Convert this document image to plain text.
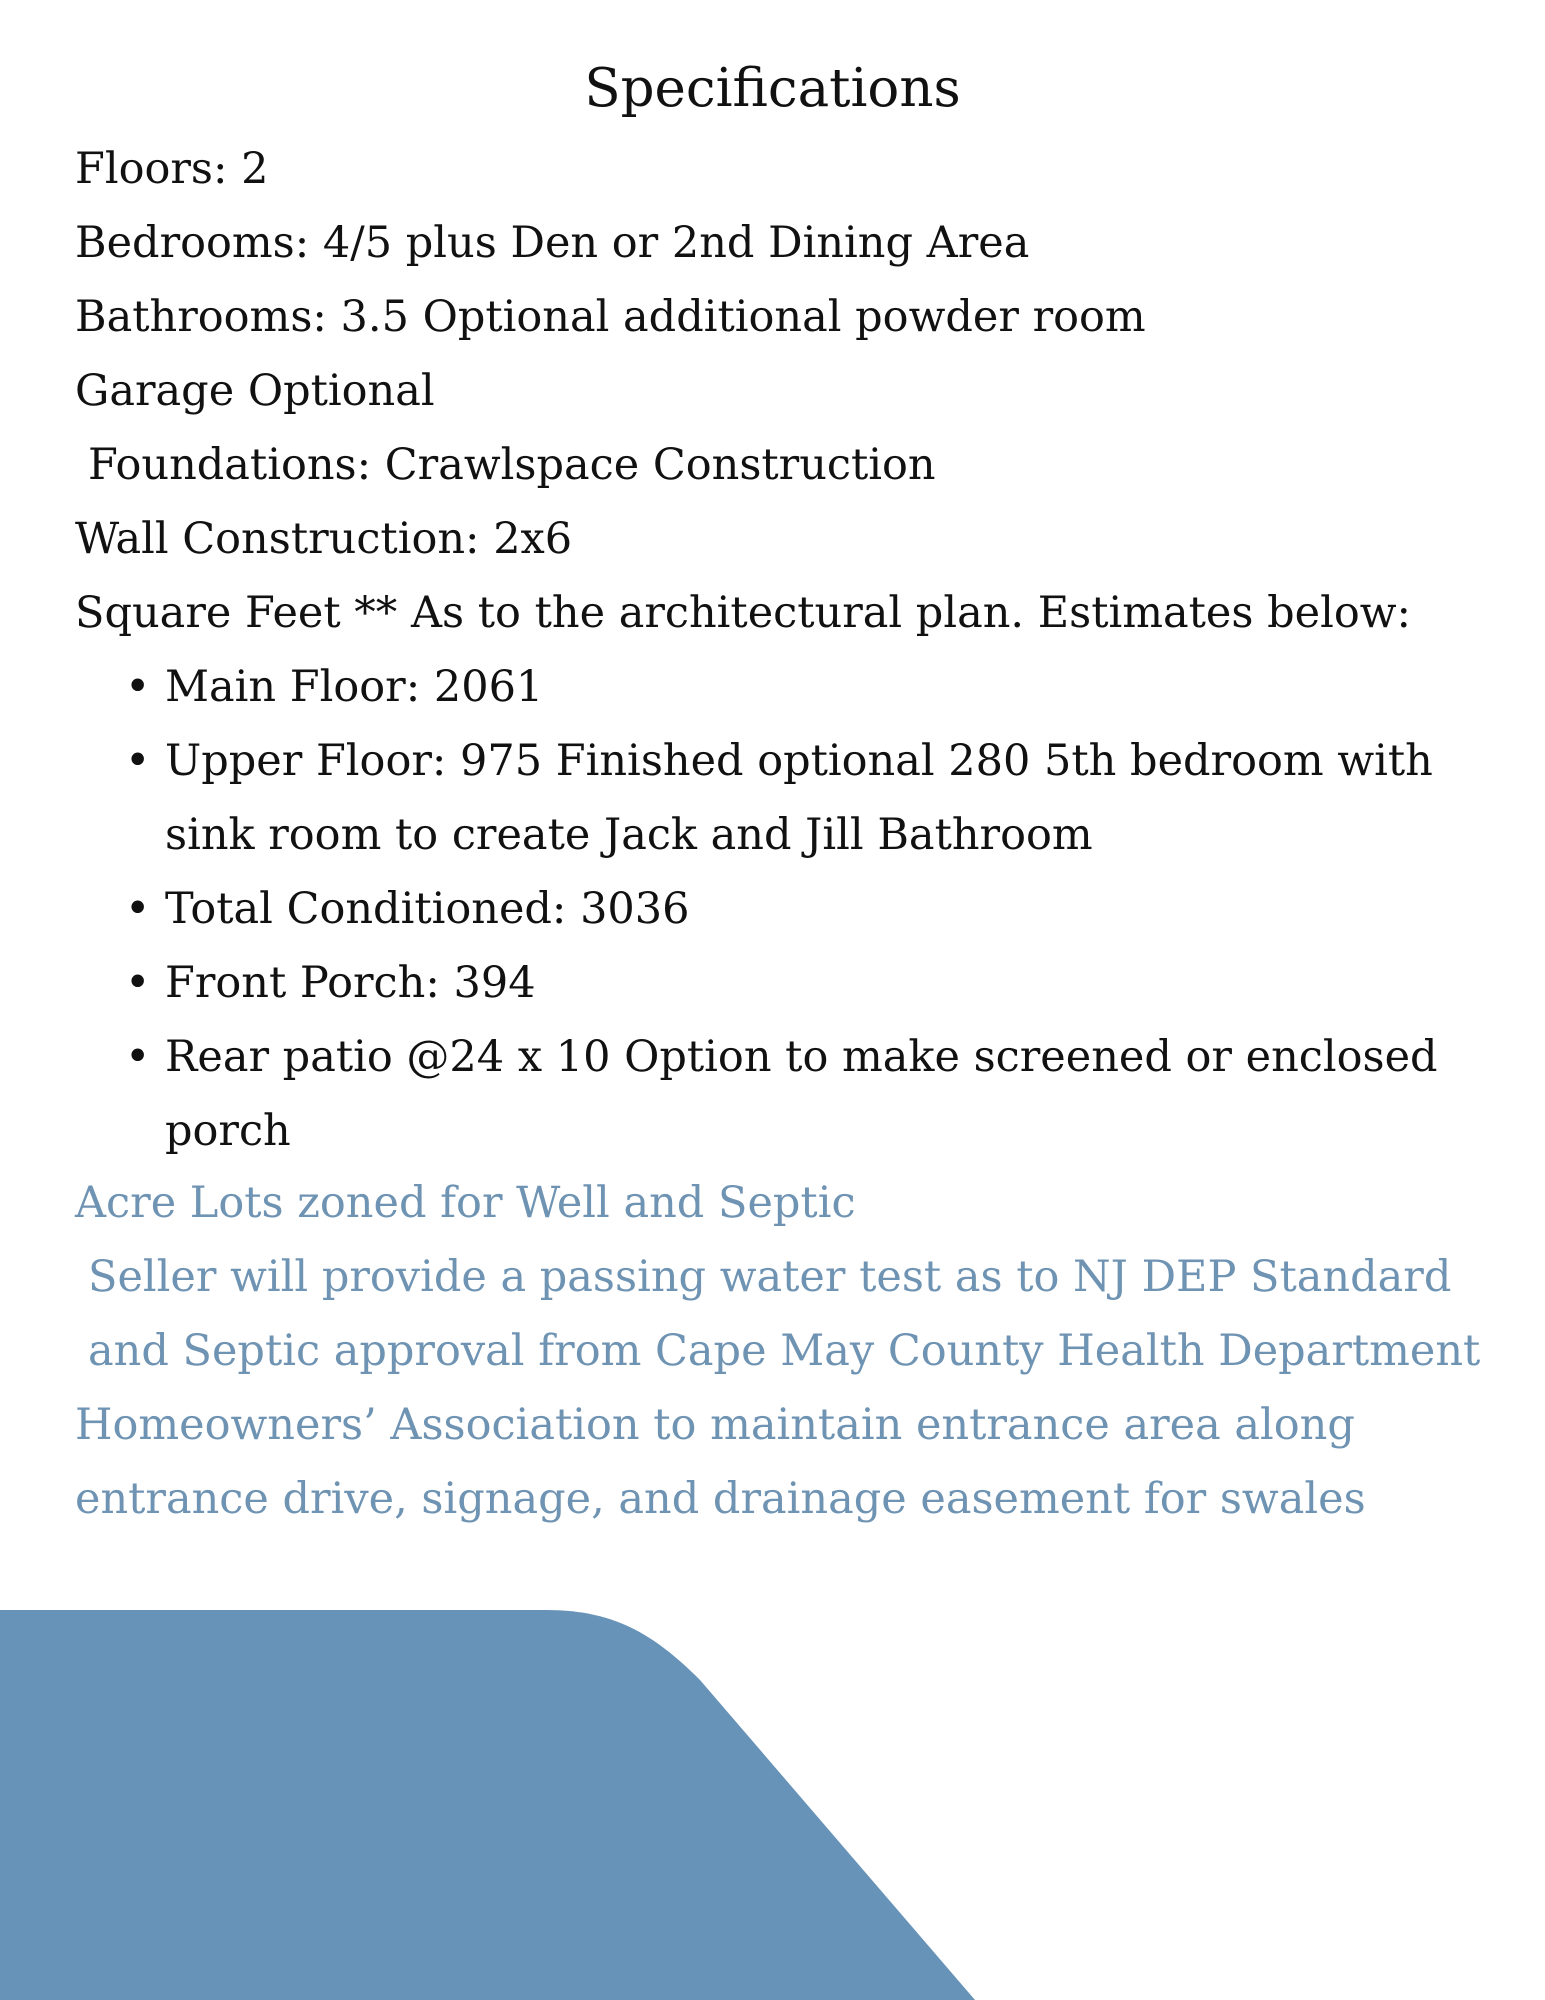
Specifications
Floors: 2
Bedrooms: 4/5 plus Den or 2nd Dining Area
Bathrooms: 3.5 Optional additional powder room
Garage Optional
Foundations: Crawlspace Construction
Wall Construction: 2x6
Square Feet ** As to the architectural plan. Estimates below:
• Main Floor: 2061
• Upper Floor: 975 Finished optional 280 5th bedroom with sink room to create Jack and Jill Bathroom
• Total Conditioned: 3036
• Front Porch: 394
• Rear patio @24 x 10 Option to make screened or enclosed porch

Acre Lots zoned for Well and Septic

Seller will provide a passing water test as to NJ DEP Standard and Septic approval from Cape May County Health Department

Homeowners’ Association to maintain entrance area along entrance drive, signage, and drainage easement for swales
